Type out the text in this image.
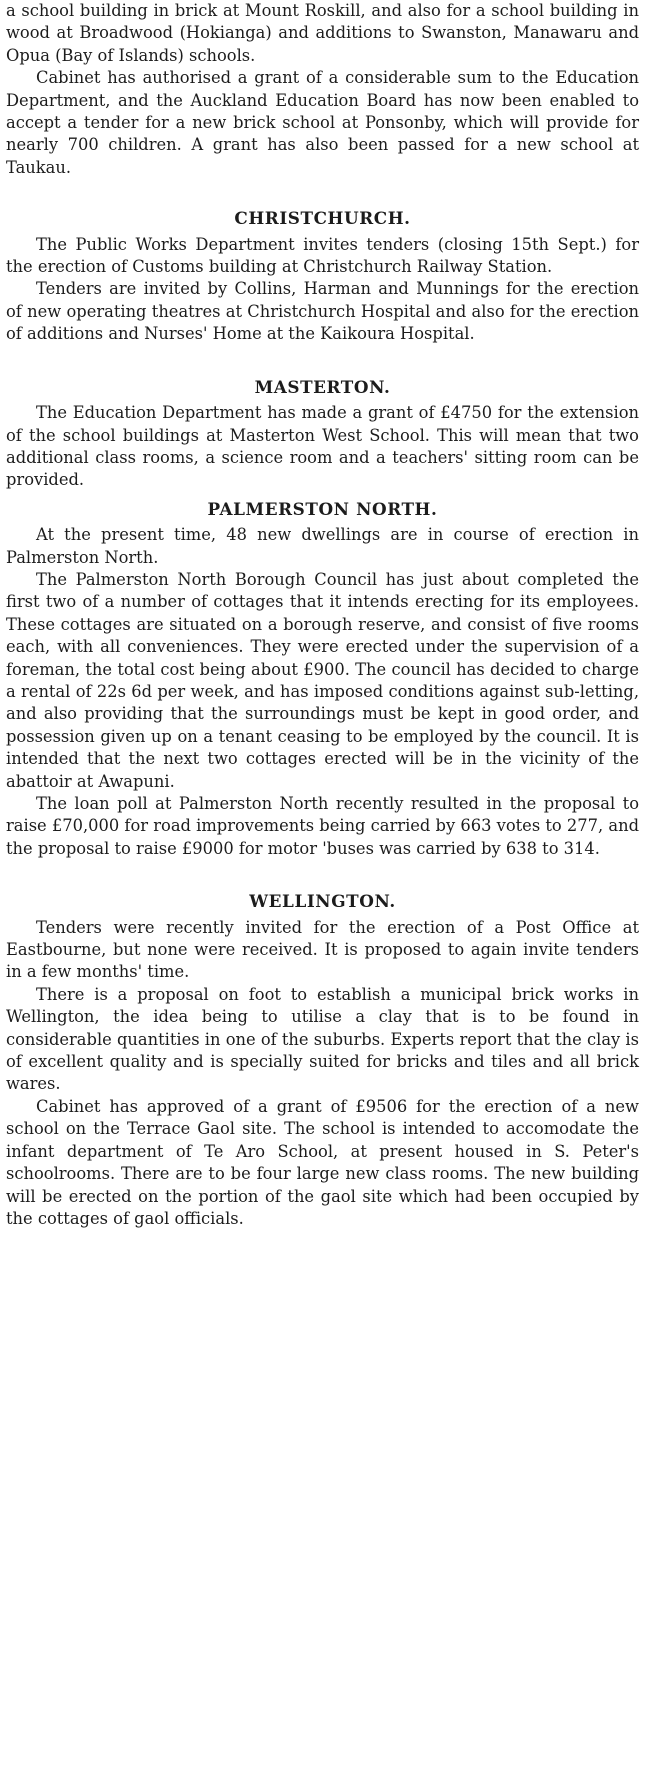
a school building in brick at Mount Roskill, and also for a school building in wood at Broadwood (Hokianga) and additions to Swanston, Manawaru and Opua (Bay of Islands) schools.

Cabinet has authorised a grant of a considerable sum to the Education Department, and the Auckland Education Board has now been enabled to accept a tender for a new brick school at Ponsonby, which will provide for nearly 700 children. A grant has also been passed for a new school at Taukau.

CHRISTCHURCH.

The Public Works Department invites tenders (closing 15th Sept.) for the erection of Customs building at Christchurch Railway Station.

Tenders are invited by Collins, Harman and Munnings for the erection of new operating theatres at Christchurch Hospital and also for the erection of additions and Nurses' Home at the Kaikoura Hospital.

MASTERTON.

The Education Department has made a grant of £4750 for the extension of the school buildings at Masterton West School. This will mean that two additional class rooms, a science room and a teachers' sitting room can be provided.

PALMERSTON NORTH.

At the present time, 48 new dwellings are in course of erection in Palmerston North.

The Palmerston North Borough Council has just about completed the first two of a number of cottages that it intends erecting for its employees. These cottages are situated on a borough reserve, and consist of five rooms each, with all conveniences. They were erected under the supervision of a foreman, the total cost being about £900. The council has decided to charge a rental of 22s 6d per week, and has imposed conditions against sub-letting, and also providing that the surroundings must be kept in good order, and possession given up on a tenant ceasing to be employed by the council. It is intended that the next two cottages erected will be in the vicinity of the abattoir at Awapuni.

The loan poll at Palmerston North recently resulted in the proposal to raise £70,000 for road improvements being carried by 663 votes to 277, and the proposal to raise £9000 for motor 'buses was carried by 638 to 314.

WELLINGTON.

Tenders were recently invited for the erection of a Post Office at Eastbourne, but none were received. It is proposed to again invite tenders in a few months' time.

There is a proposal on foot to establish a municipal brick works in Wellington, the idea being to utilise a clay that is to be found in considerable quantities in one of the suburbs. Experts report that the clay is of excellent quality and is specially suited for bricks and tiles and all brick wares.

Cabinet has approved of a grant of £9506 for the erection of a new school on the Terrace Gaol site. The school is intended to accomodate the infant department of Te Aro School, at present housed in S. Peter's schoolrooms. There are to be four large new class rooms. The new building will be erected on the portion of the gaol site which had been occupied by the cottages of gaol officials.
